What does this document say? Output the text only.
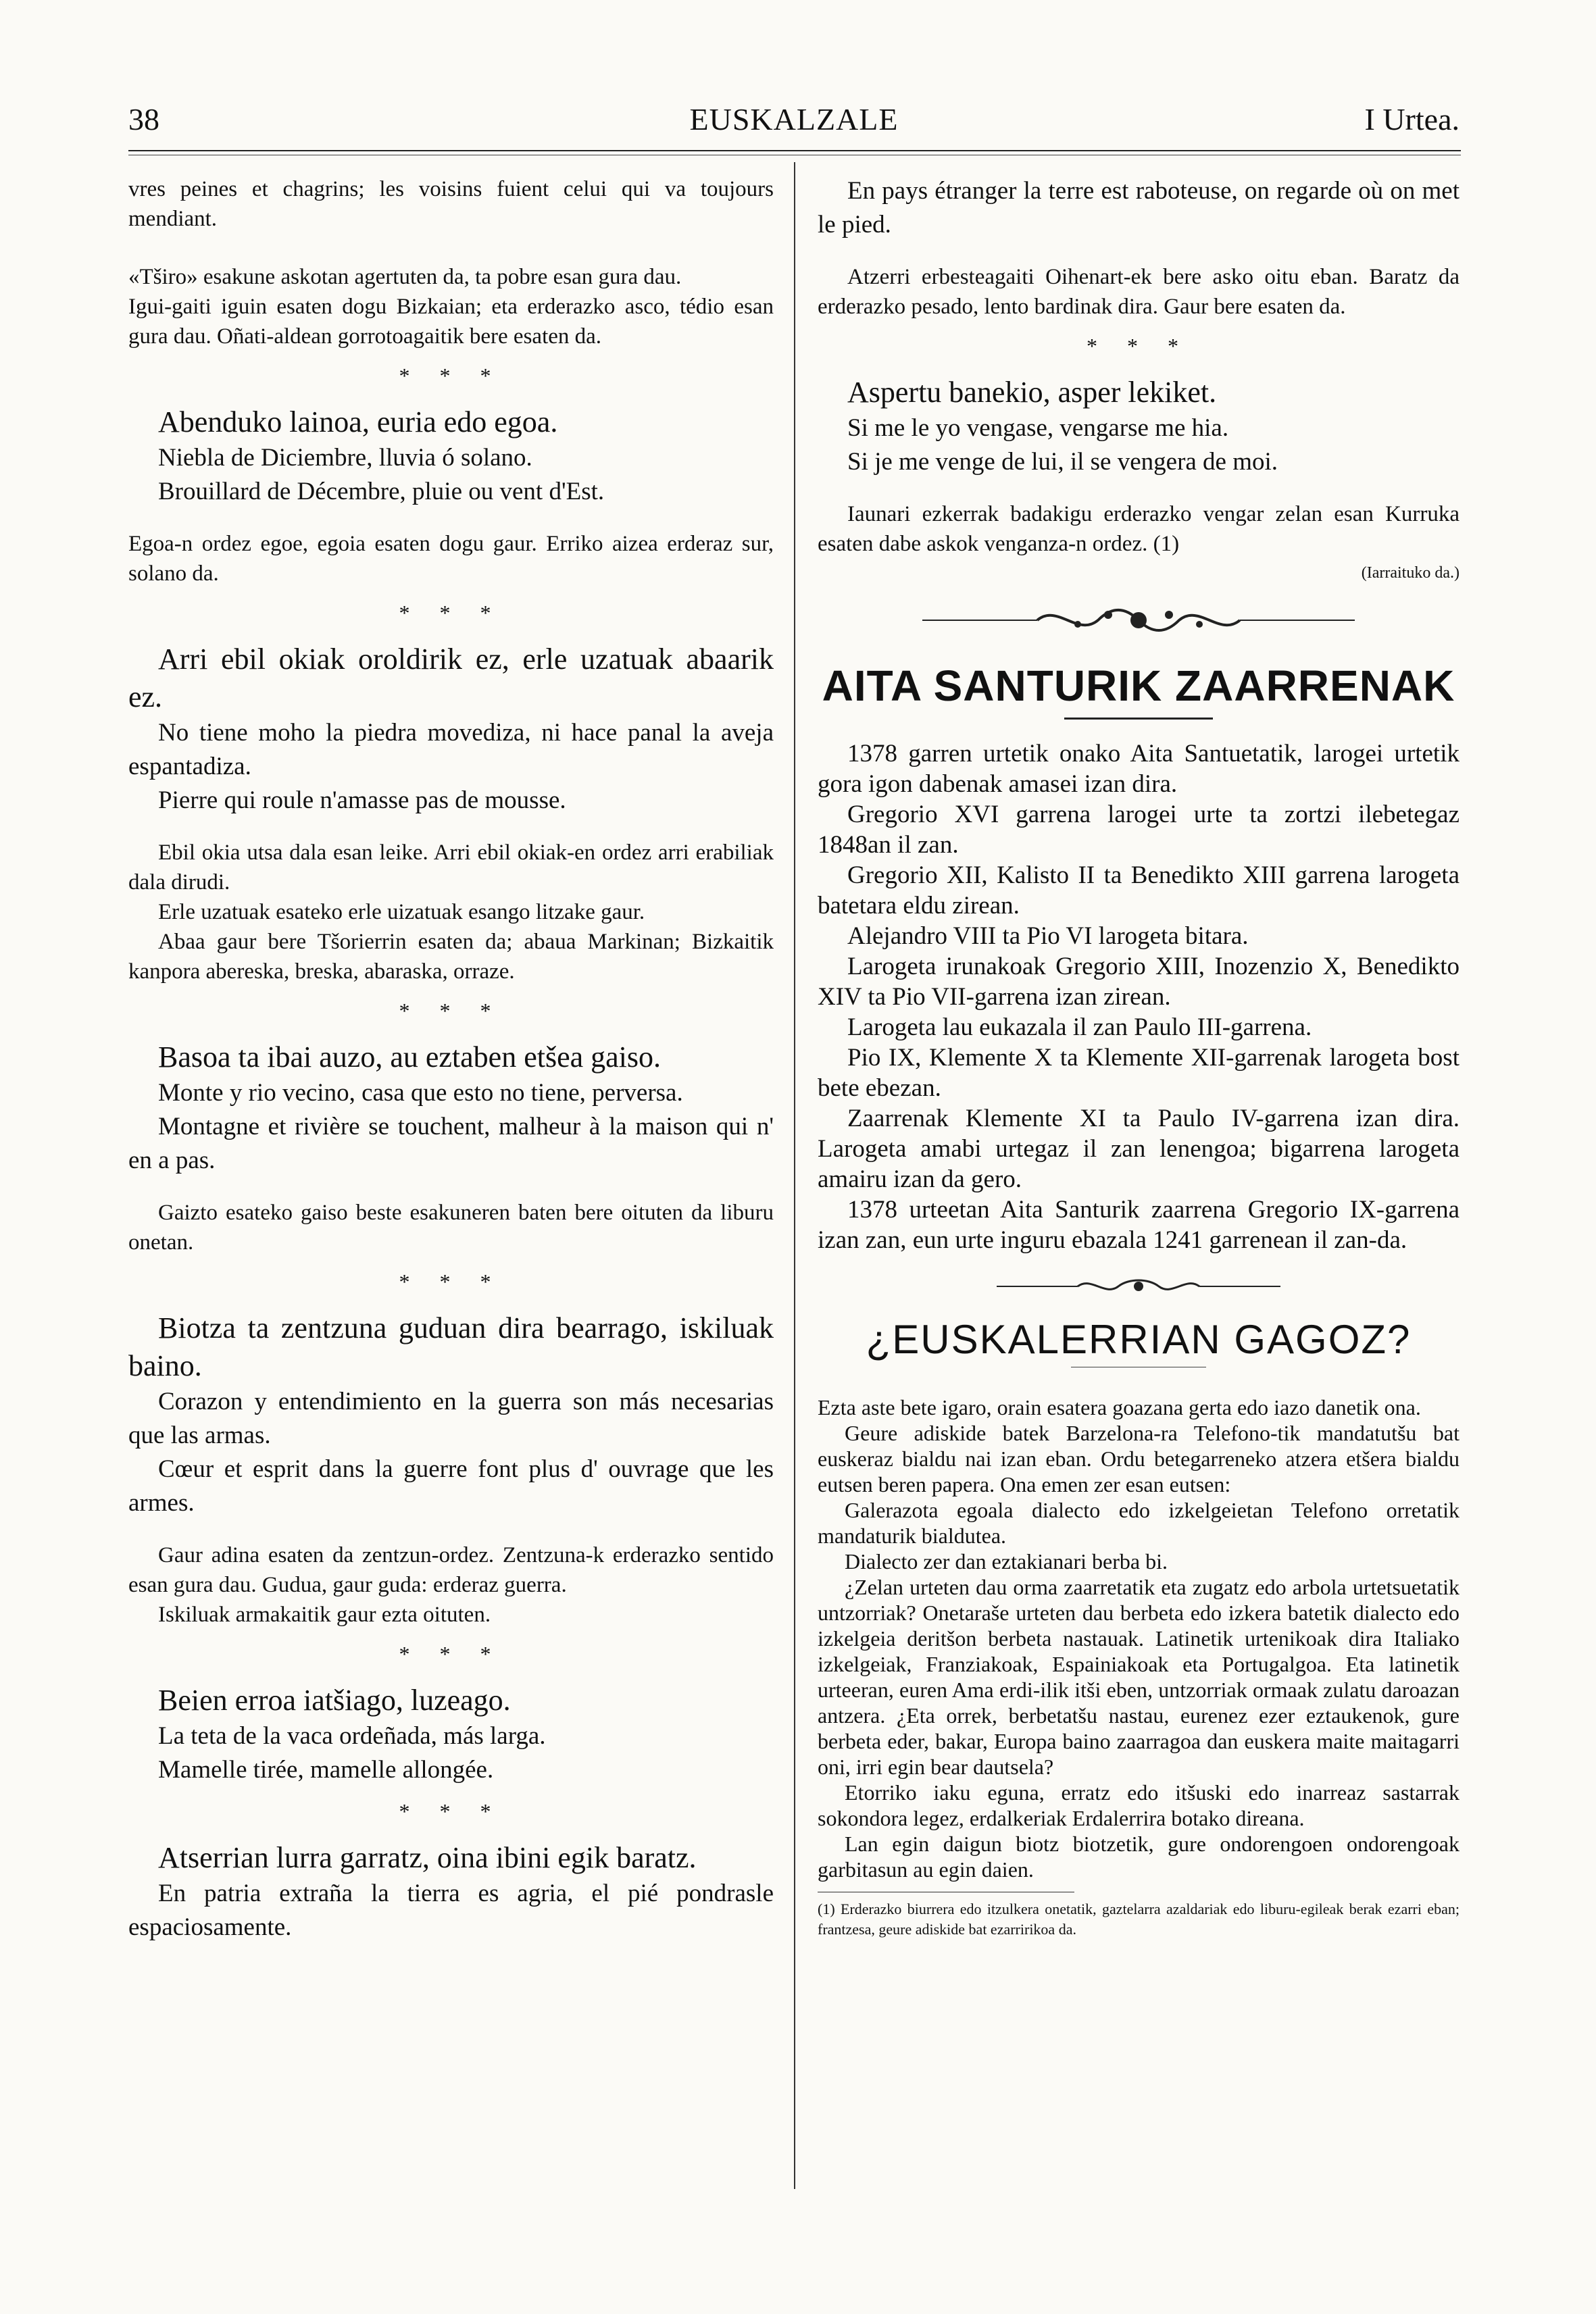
38	EUSKALZALE	I Urtea.

vres peines et chagrins; les voisins fuient celui qui va toujours mendiant.

«Tširo» esakune askotan agertuten da, ta pobre esan gura dau.

Igui-gaiti iguin esaten dogu Bizkaian; eta erderazko asco, tédio esan gura dau. Oñati-aldean gorrotoagaitik bere esaten da.

* * *

Abenduko lainoa, euria edo egoa.

Niebla de Diciembre, lluvia ó solano.

Brouillard de Décembre, pluie ou vent d'Est.

Egoa-n ordez egoe, egoia esaten dogu gaur. Erriko aizea erderaz sur, solano da.

* * *

Arri ebil okiak oroldirik ez, erle uzatuak abaarik ez.

No tiene moho la piedra movediza, ni hace panal la aveja espantadiza.

Pierre qui roule n'amasse pas de mousse.

Ebil okia utsa dala esan leike. Arri ebil okiak-en ordez arri erabiliak dala dirudi.

Erle uzatuak esateko erle uizatuak esango litzake gaur.

Abaa gaur bere Tšorierrin esaten da; abaua Markinan; Bizkaitik kanpora abereska, breska, abaraska, orraze.

* * *

Basoa ta ibai auzo, au eztaben etšea gaiso.

Monte y rio vecino, casa que esto no tiene, perversa.

Montagne et rivière se touchent, malheur à la maison qui n' en a pas.

Gaizto esateko gaiso beste esakuneren baten bere oituten da liburu onetan.

* * *

Biotza ta zentzuna guduan dira bearrago, iskiluak baino.

Corazon y entendimiento en la guerra son más necesarias que las armas.

Cœur et esprit dans la guerre font plus d' ouvrage que les armes.

Gaur adina esaten da zentzun-ordez. Zentzuna-k erderazko sentido esan gura dau. Gudua, gaur guda: erderaz guerra.

Iskiluak armakaitik gaur ezta oituten.

* * *

Beien erroa iatšiago, luzeago.

La teta de la vaca ordeñada, más larga.

Mamelle tirée, mamelle allongée.

* * *

Atserrian lurra garratz, oina ibini egik baratz.

En patria extraña la tierra es agria, el pié pondrasle espaciosamente.

En pays étranger la terre est raboteuse, on regarde où on met le pied.

Atzerri erbesteagaiti Oihenart-ek bere asko oitu eban. Baratz da erderazko pesado, lento bardinak dira. Gaur bere esaten da.

* * *

Aspertu banekio, asper lekiket.

Si me le yo vengase, vengarse me hia.

Si je me venge de lui, il se vengera de moi.

Iaunari ezkerrak badakigu erderazko vengar zelan esan Kurruka esaten dabe askok venganza-n ordez. (1)

(Iarraituko da.)

AITA SANTURIK ZAARRENAK

1378 garren urtetik onako Aita Santuetatik, larogei urtetik gora igon dabenak amasei izan dira.

Gregorio XVI garrena larogei urte ta zortzi ilebetegaz 1848an il zan.

Gregorio XII, Kalisto II ta Benedikto XIII garrena larogeta batetara eldu zirean.

Alejandro VIII ta Pio VI larogeta bitara.

Larogeta irunakoak Gregorio XIII, Inozenzio X, Benedikto XIV ta Pio VII-garrena izan zirean.

Larogeta lau eukazala il zan Paulo III-garrena.

Pio IX, Klemente X ta Klemente XII-garrenak larogeta bost bete ebezan.

Zaarrenak Klemente XI ta Paulo IV-garrena izan dira. Larogeta amabi urtegaz il zan lenengoa; bigarrena larogeta amairu izan da gero.

1378 urteetan Aita Santurik zaarrena Gregorio IX-garrena izan zan, eun urte inguru ebazala 1241 garrenean il zan-da.

¿EUSKALERRIAN GAGOZ?

Ezta aste bete igaro, orain esatera goazana gerta edo iazo danetik ona.

Geure adiskide batek Barzelona-ra Telefono-tik mandatutšu bat euskeraz bialdu nai izan eban. Ordu betegarreneko atzera etšera bialdu eutsen beren papera. Ona emen zer esan eutsen:

Galerazota egoala dialecto edo izkelgeietan Telefono orretatik mandaturik bialdutea.

Dialecto zer dan eztakianari berba bi.

¿Zelan urteten dau orma zaarretatik eta zugatz edo arbola urtetsuetatik untzorriak? Onetaraše urteten dau berbeta edo izkera batetik dialecto edo izkelgeia deritšon berbeta nastauak. Latinetik urtenikoak dira Italiako izkelgeiak, Franziakoak, Espainiakoak eta Portugalgoa. Eta latinetik urteeran, euren Ama erdi-ilik itši eben, untzorriak ormaak zulatu daroazan antzera. ¿Eta orrek, berbetatšu nastau, eurenez ezer eztaukenok, gure berbeta eder, bakar, Europa baino zaarragoa dan euskera maite maitagarri oni, irri egin bear dautsela?

Etorriko iaku eguna, erratz edo itšuski edo inarreaz sastarrak sokondora legez, erdalkeriak Erdalerrira botako direana.

Lan egin daigun biotz biotzetik, gure ondorengoen ondorengoak garbitasun au egin daien.

(1) Erderazko biurrera edo itzulkera onetatik, gaztelarra azaldariak edo liburu-egileak berak ezarri eban; frantzesa, geure adiskide bat ezarririkoa da.
